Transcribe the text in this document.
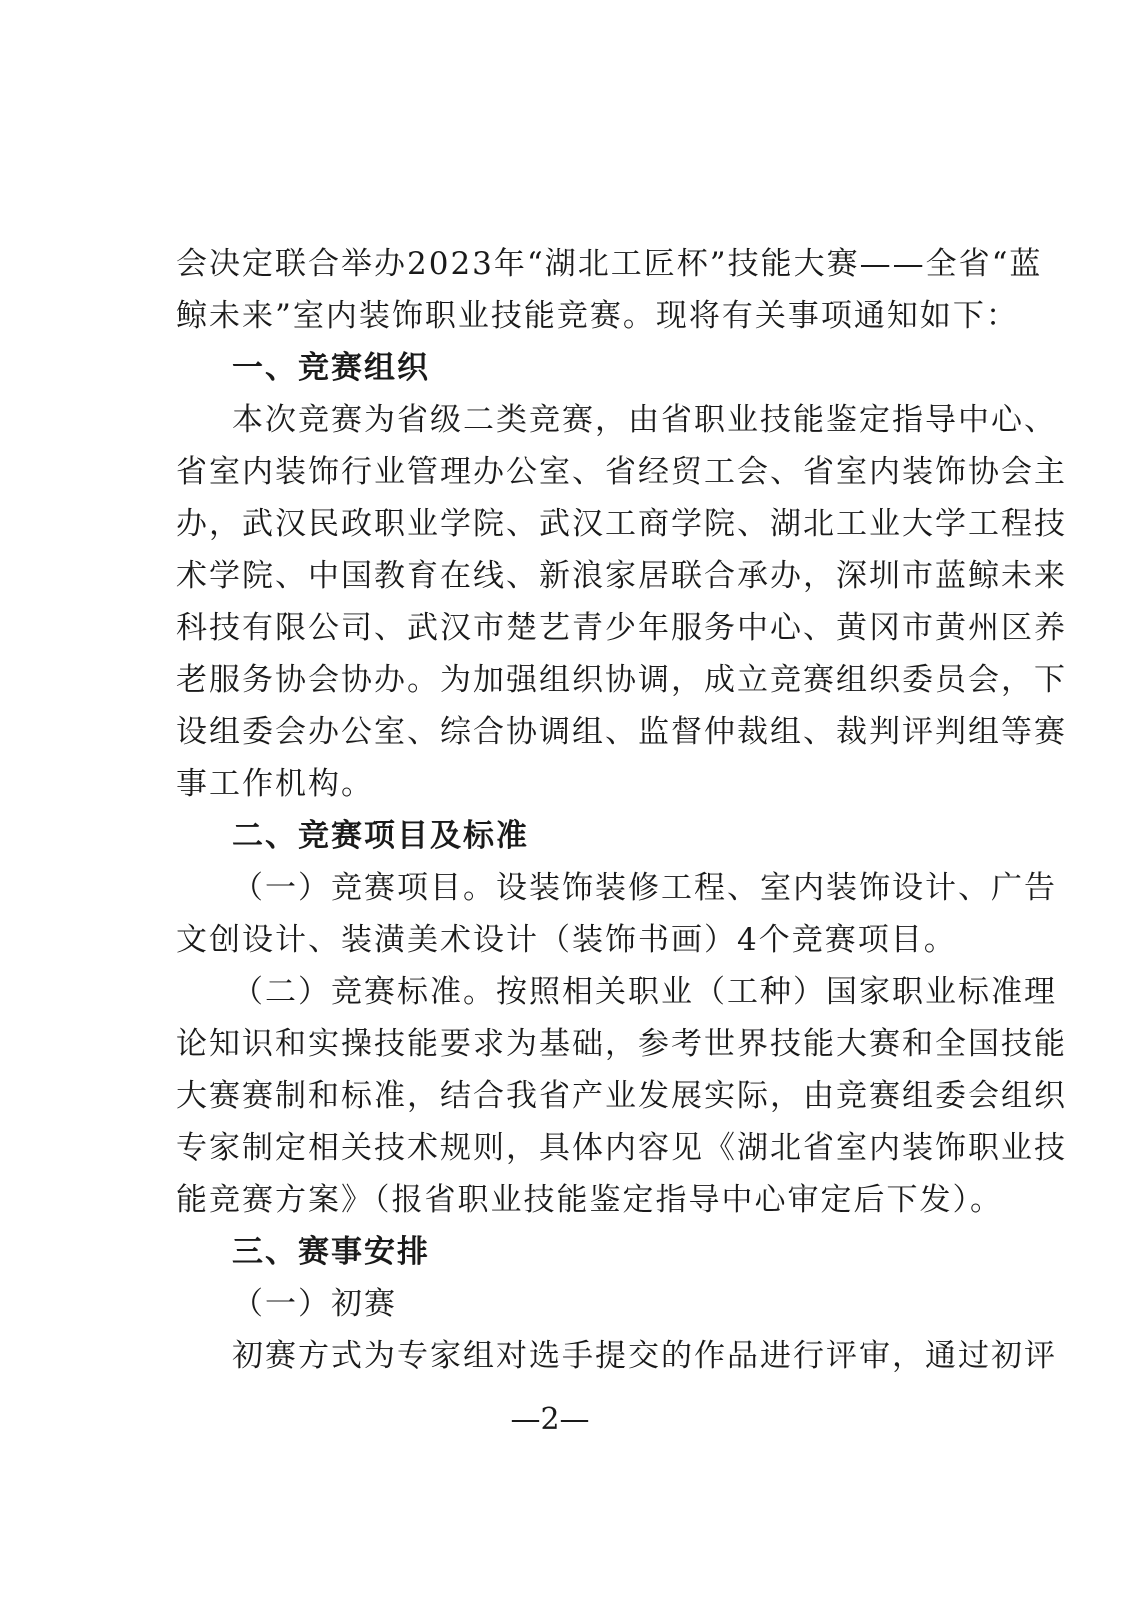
会决定联合举办2023年“湖北工匠杯”技能大赛——全省“蓝
鲸未来”室内装饰职业技能竞赛。现将有关事项通知如下：
一、竞赛组织
本次竞赛为省级二类竞赛，由省职业技能鉴定指导中心、
省室内装饰行业管理办公室、省经贸工会、省室内装饰协会主
办，武汉民政职业学院、武汉工商学院、湖北工业大学工程技
术学院、中国教育在线、新浪家居联合承办，深圳市蓝鲸未来
科技有限公司、武汉市楚艺青少年服务中心、黄冈市黄州区养
老服务协会协办。为加强组织协调，成立竞赛组织委员会，下
设组委会办公室、综合协调组、监督仲裁组、裁判评判组等赛
事工作机构。
二、竞赛项目及标准
（一）竞赛项目。设装饰装修工程、室内装饰设计、广告
文创设计、装潢美术设计（装饰书画）4个竞赛项目。
（二）竞赛标准。按照相关职业（工种）国家职业标准理
论知识和实操技能要求为基础，参考世界技能大赛和全国技能
大赛赛制和标准，结合我省产业发展实际，由竞赛组委会组织
专家制定相关技术规则，具体内容见《湖北省室内装饰职业技
能竞赛方案》（报省职业技能鉴定指导中心审定后下发）。
三、赛事安排
（一）初赛
初赛方式为专家组对选手提交的作品进行评审，通过初评
—2—
